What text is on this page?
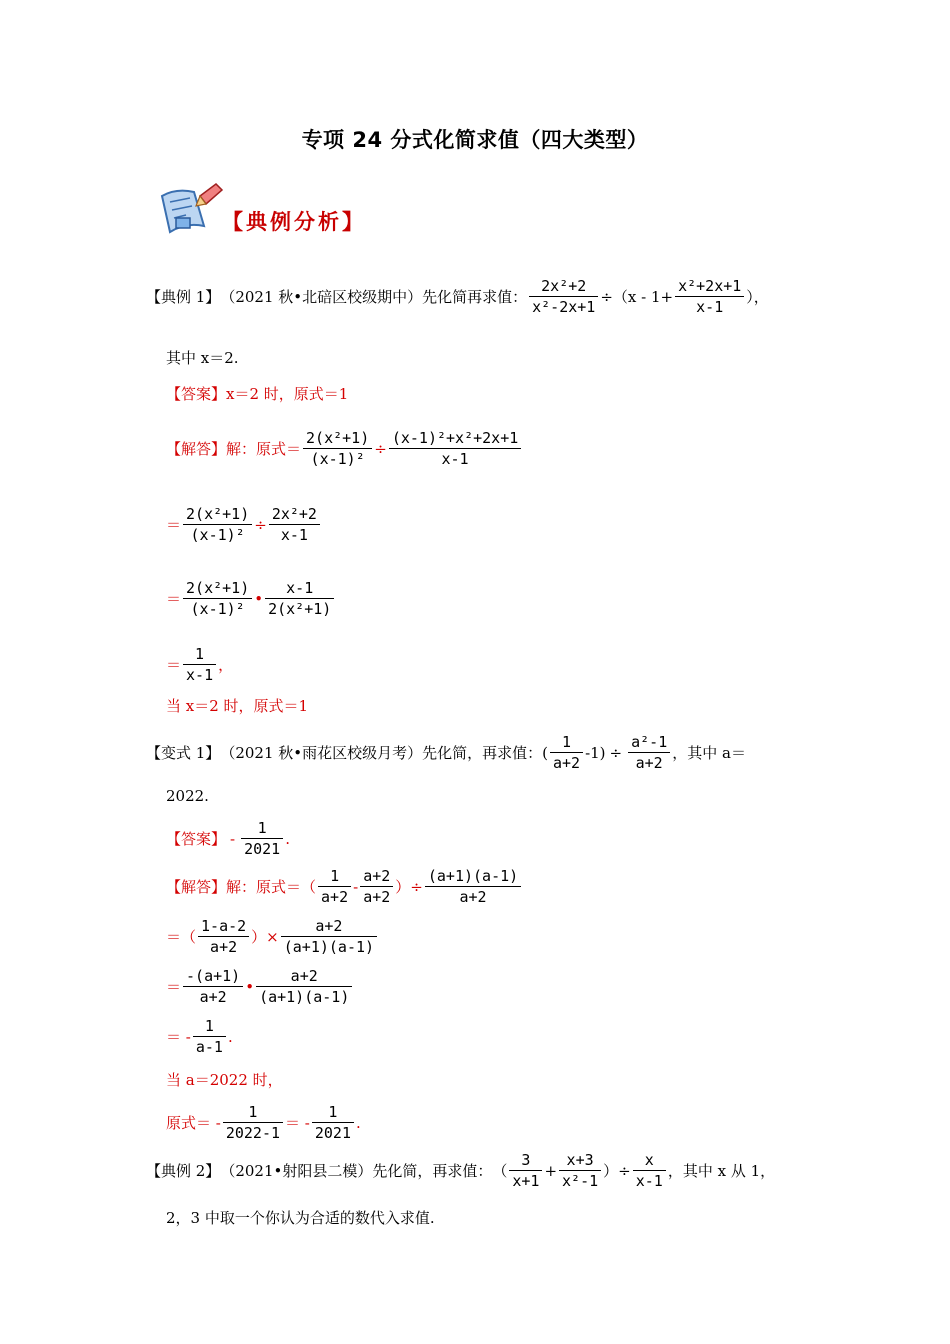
专项 24 分式化简求值（四大类型）
【典例分析】
【典例 1】 （2021 秋•北碚区校级期中）先化简再求值： $\frac{\text{2x²+2}}{\text{x²-2x+1}} \div(x - 1+ \frac{\text{x²+2x+1}}{x-1}$ ），
其中 x＝2.
【答案】 x＝2 时，原式＝1
【解答】 解：原式＝ $\frac{\text{2(x²+1)}}{\text{(x-1)²}} \div \frac{\text{(x-1)²+x²+2x+1}}{x-1}$
＝ $\frac{\text{2(x²+1)}}{\text{(x-1)²}} \div \frac{\text{2x²+2}}{x-1}$
＝ $\frac{\text{2(x²+1)}}{\text{(x-1)²}}$ • $\frac{x-1}{\text{2(x²+1)}}$
＝ $\frac{1}{x-1}$ ，
当 x＝2 时，原式＝1
【变式 1】 （2021 秋•雨花区校级月考）先化简，再求值： ( $\frac{1}{a+2} -1) \div \frac{\text{a²-1}}{a+2}$ ，其中 a＝
2022.
【答案】 - $\frac{1}{2021}$ .
【解答】 解：原式＝（ $\frac{1}{a+2} - \frac{a+2}{a+2}$ ）÷ $\frac{(a+1)(a-1)}{a+2}$
＝（ $\frac{1-a-2}{a+2}$ ）× $\frac{a+2}{(a+1)(a-1)}$
＝ $\frac{-(a+1)}{a+2}$ • $\frac{a+2}{(a+1)(a-1)}$
＝ - $\frac{1}{a-1}$ .
当 a＝2022 时，
原式＝ - $\frac{1}{2022-1}$ ＝ - $\frac{1}{2021}$ .
【典例 2】 （2021•射阳县二模）先化简，再求值： （ $\frac{3}{x+1} + \frac{x+3}{\text{x²-1}}$ ）÷ $\frac{x}{x-1}$ ，其中 x 从 1，
2，3 中取一个你认为合适的数代入求值.
